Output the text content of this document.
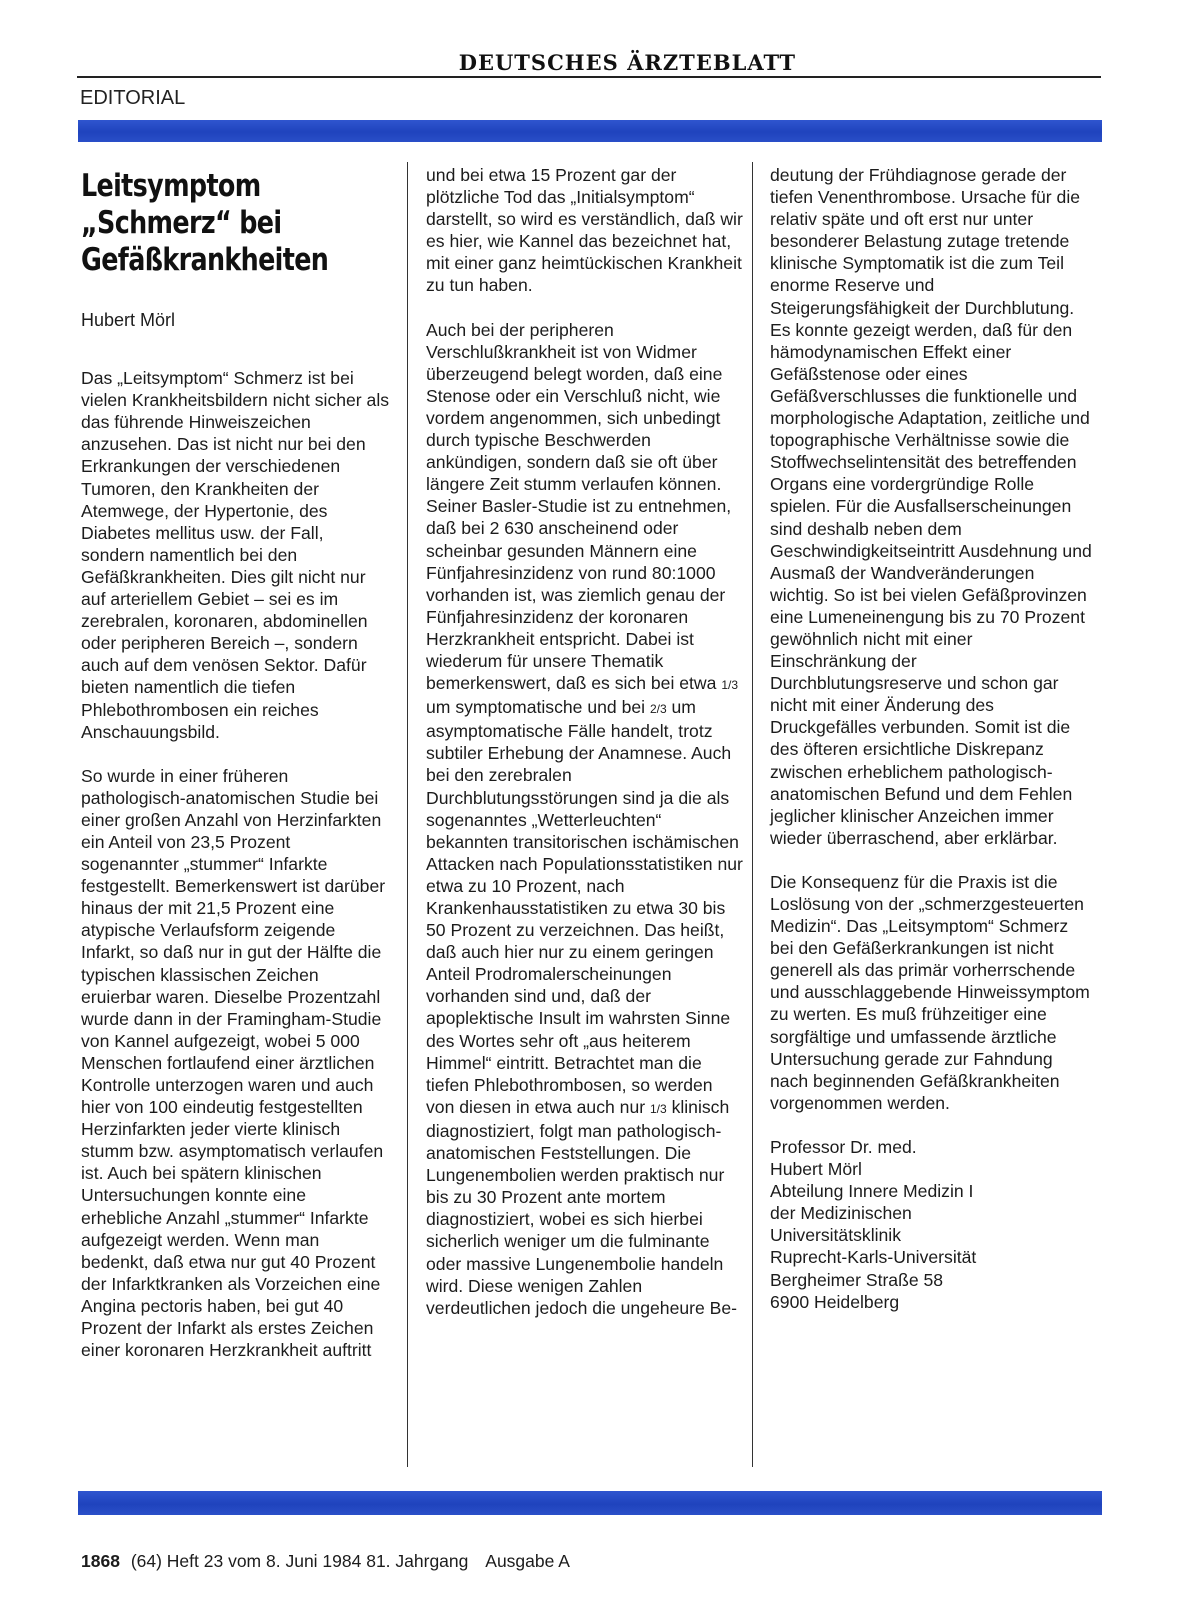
DEUTSCHES ÄRZTEBLATT
EDITORIAL
Leitsymptom „Schmerz“ bei Gefäßkrankheiten
Hubert Mörl

Das „Leitsymptom“ Schmerz ist bei vielen Krankheitsbildern nicht sicher als das führende Hinweiszeichen anzusehen. Das ist nicht nur bei den Erkrankungen der verschiedenen Tumoren, den Krankheiten der Atemwege, der Hypertonie, des Diabetes mellitus usw. der Fall, sondern namentlich bei den Gefäßkrankheiten. Dies gilt nicht nur auf arteriellem Gebiet – sei es im zerebralen, koronaren, abdominellen oder peripheren Bereich –, sondern auch auf dem venösen Sektor. Dafür bieten namentlich die tiefen Phlebothrombosen ein reiches Anschauungsbild.

So wurde in einer früheren pathologisch-anatomischen Studie bei einer großen Anzahl von Herzinfarkten ein Anteil von 23,5 Prozent sogenannter „stummer“ Infarkte festgestellt. Bemerkenswert ist darüber hinaus der mit 21,5 Prozent eine atypische Verlaufsform zeigende Infarkt, so daß nur in gut der Hälfte die typischen klassischen Zeichen eruierbar waren. Dieselbe Prozentzahl wurde dann in der Framingham-Studie von Kannel aufgezeigt, wobei 5 000 Menschen fortlaufend einer ärztlichen Kontrolle unterzogen waren und auch hier von 100 eindeutig festgestellten Herzinfarkten jeder vierte klinisch stumm bzw. asymptomatisch verlaufen ist. Auch bei spätern klinischen Untersuchungen konnte eine erhebliche Anzahl „stummer“ Infarkte aufgezeigt werden. Wenn man bedenkt, daß etwa nur gut 40 Prozent der Infarktkranken als Vorzeichen eine Angina pectoris haben, bei gut 40 Prozent der Infarkt als erstes Zeichen einer koronaren Herzkrankheit auftritt

und bei etwa 15 Prozent gar der plötzliche Tod das „Initialsymptom“ darstellt, so wird es verständlich, daß wir es hier, wie Kannel das bezeichnet hat, mit einer ganz heimtückischen Krankheit zu tun haben.

Auch bei der peripheren Verschlußkrankheit ist von Widmer überzeugend belegt worden, daß eine Stenose oder ein Verschluß nicht, wie vordem angenommen, sich unbedingt durch typische Beschwerden ankündigen, sondern daß sie oft über längere Zeit stumm verlaufen können. Seiner Basler-Studie ist zu entnehmen, daß bei 2 630 anscheinend oder scheinbar gesunden Männern eine Fünfjahresinzidenz von rund 80:1000 vorhanden ist, was ziemlich genau der Fünfjahresinzidenz der koronaren Herzkrankheit entspricht. Dabei ist wiederum für unsere Thematik bemerkenswert, daß es sich bei etwa 1/3 um symptomatische und bei 2/3 um asymptomatische Fälle handelt, trotz subtiler Erhebung der Anamnese. Auch bei den zerebralen Durchblutungsstörungen sind ja die als sogenanntes „Wetterleuchten“ bekannten transitorischen ischämischen Attacken nach Populationsstatistiken nur etwa zu 10 Prozent, nach Krankenhausstatistiken zu etwa 30 bis 50 Prozent zu verzeichnen. Das heißt, daß auch hier nur zu einem geringen Anteil Prodromalerscheinungen vorhanden sind und, daß der apoplektische Insult im wahrsten Sinne des Wortes sehr oft „aus heiterem Himmel“ eintritt. Betrachtet man die tiefen Phlebothrombosen, so werden von diesen in etwa auch nur 1/3 klinisch diagnostiziert, folgt man pathologisch-anatomischen Feststellungen. Die Lungenembolien werden praktisch nur bis zu 30 Prozent ante mortem diagnostiziert, wobei es sich hierbei sicherlich weniger um die fulminante oder massive Lungenembolie handeln wird. Diese wenigen Zahlen verdeutlichen jedoch die ungeheure Be-

deutung der Frühdiagnose gerade der tiefen Venenthrombose. Ursache für die relativ späte und oft erst nur unter besonderer Belastung zutage tretende klinische Symptomatik ist die zum Teil enorme Reserve und Steigerungsfähigkeit der Durchblutung. Es konnte gezeigt werden, daß für den hämodynamischen Effekt einer Gefäßstenose oder eines Gefäßverschlusses die funktionelle und morphologische Adaptation, zeitliche und topographische Verhältnisse sowie die Stoffwechselintensität des betreffenden Organs eine vordergründige Rolle spielen. Für die Ausfallserscheinungen sind deshalb neben dem Geschwindigkeitseintritt Ausdehnung und Ausmaß der Wandveränderungen wichtig. So ist bei vielen Gefäßprovinzen eine Lumeneinengung bis zu 70 Prozent gewöhnlich nicht mit einer Einschränkung der Durchblutungsreserve und schon gar nicht mit einer Änderung des Druckgefälles verbunden. Somit ist die des öfteren ersichtliche Diskrepanz zwischen erheblichem pathologisch-anatomischen Befund und dem Fehlen jeglicher klinischer Anzeichen immer wieder überraschend, aber erklärbar.

Die Konsequenz für die Praxis ist die Loslösung von der „schmerzgesteuerten Medizin“. Das „Leitsymptom“ Schmerz bei den Gefäßerkrankungen ist nicht generell als das primär vorherrschende und ausschlaggebende Hinweissymptom zu werten. Es muß frühzeitiger eine sorgfältige und umfassende ärztliche Untersuchung gerade zur Fahndung nach beginnenden Gefäßkrankheiten vorgenommen werden.

Professor Dr. med.

Hubert Mörl

Abteilung Innere Medizin I

der Medizinischen

Universitätsklinik

Ruprecht-Karls-Universität

Bergheimer Straße 58

6900 Heidelberg

1868 (64) Heft 23 vom 8. Juni 1984 81. Jahrgang Ausgabe A
